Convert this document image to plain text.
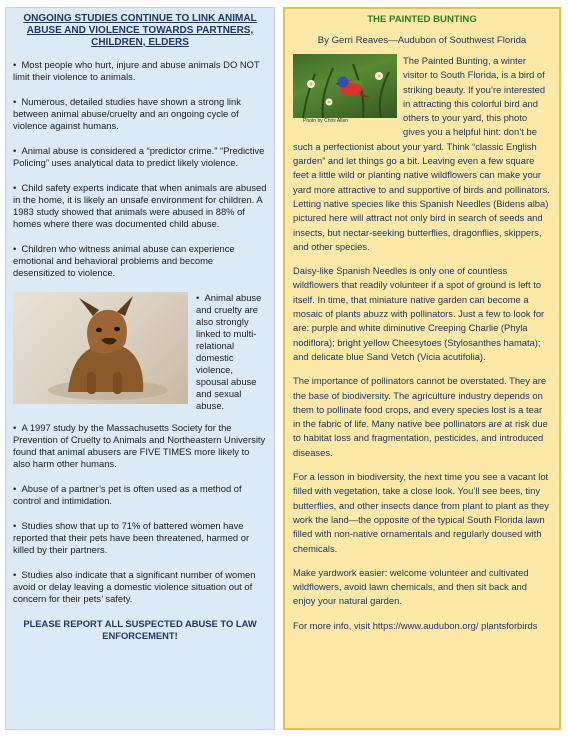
ONGOING STUDIES CONTINUE TO LINK ANIMAL ABUSE AND VIOLENCE TOWARDS PARTNERS, CHILDREN, ELDERS

•  Most people who hurt, injure and abuse animals DO NOT limit their violence to animals.

•  Numerous, detailed studies have shown a strong link between animal abuse/cruelty and an ongoing cycle of violence against humans.

•  Animal abuse is considered a “predictor crime.” “Predictive Policing” uses analytical data to predict likely violence.

•  Child safety experts indicate that when animals are abused in the home, it is likely an unsafe environment for children. A 1983 study showed that animals were abused in 88% of homes where there was documented child abuse.

•  Children who witness animal abuse can experience emotional and behavioral problems and become desensitized to violence.

•  Animal abuse and cruelty are also strongly linked to multi-relational domestic violence, spousal abuse and sexual abuse.

•  A 1997 study by the Massachusetts Society for the Prevention of Cruelty to Animals and Northeastern University found that animal abusers are FIVE TIMES more likely to also harm other humans.

•  Abuse of a partner’s pet is often used as a method of control and intimidation.

•  Studies show that up to 71% of battered women have reported that their pets have been threatened, harmed or killed by their partners.

•  Studies also indicate that a significant number of women avoid or delay leaving a domestic violence situation out of concern for their pets’ safety.

PLEASE REPORT ALL SUSPECTED ABUSE TO LAW ENFORCEMENT!
THE PAINTED BUNTING
By Gerri Reaves—Audubon of Southwest Florida

Photo by Chris Allen
The Painted Bunting, a winter visitor to South Florida, is a bird of striking beauty. If you’re interested in attracting this colorful bird and others to your yard, this photo gives you a helpful hint: don’t be such a perfectionist about your yard. Think “classic English garden” and let things go a bit. Leaving even a few square feet a little wild or planting native wildflowers can make your yard more attractive to and supportive of birds and pollinators. Letting native species like this Spanish Needles (Bidens alba) pictured here will attract not only bird in search of seeds and insects, but nectar-seeking butterflies, dragonflies, skippers, and other species.

Daisy-like Spanish Needles is only one of countless wildflowers that readily volunteer if a spot of ground is left to itself. In time, that miniature native garden can become a mosaic of plants abuzz with pollinators. Just a few to look for are: purple and white diminutive Creeping Charlie (Phyla nodiflora); bright yellow Cheesytoes (Stylosanthes hamata); and delicate blue Sand Vetch (Vicia acutifolia).

The importance of pollinators cannot be overstated. They are the base of biodiversity. The agriculture industry depends on them to pollinate food crops, and every species lost is a tear in the fabric of life. Many native bee pollinators are at risk due to habitat loss and fragmentation, pesticides, and introduced diseases.

For a lesson in biodiversity, the next time you see a vacant lot filled with vegetation, take a close look. You’ll see bees, tiny butterflies, and other insects dance from plant to plant as they work the land—the opposite of the typical South Florida lawn filled with non-native ornamentals and regularly doused with chemicals.

Make yardwork easier: welcome volunteer and cultivated wildflowers, avoid lawn chemicals, and then sit back and enjoy your natural garden.

For more info, visit https://www.audubon.org/ plantsforbirds
